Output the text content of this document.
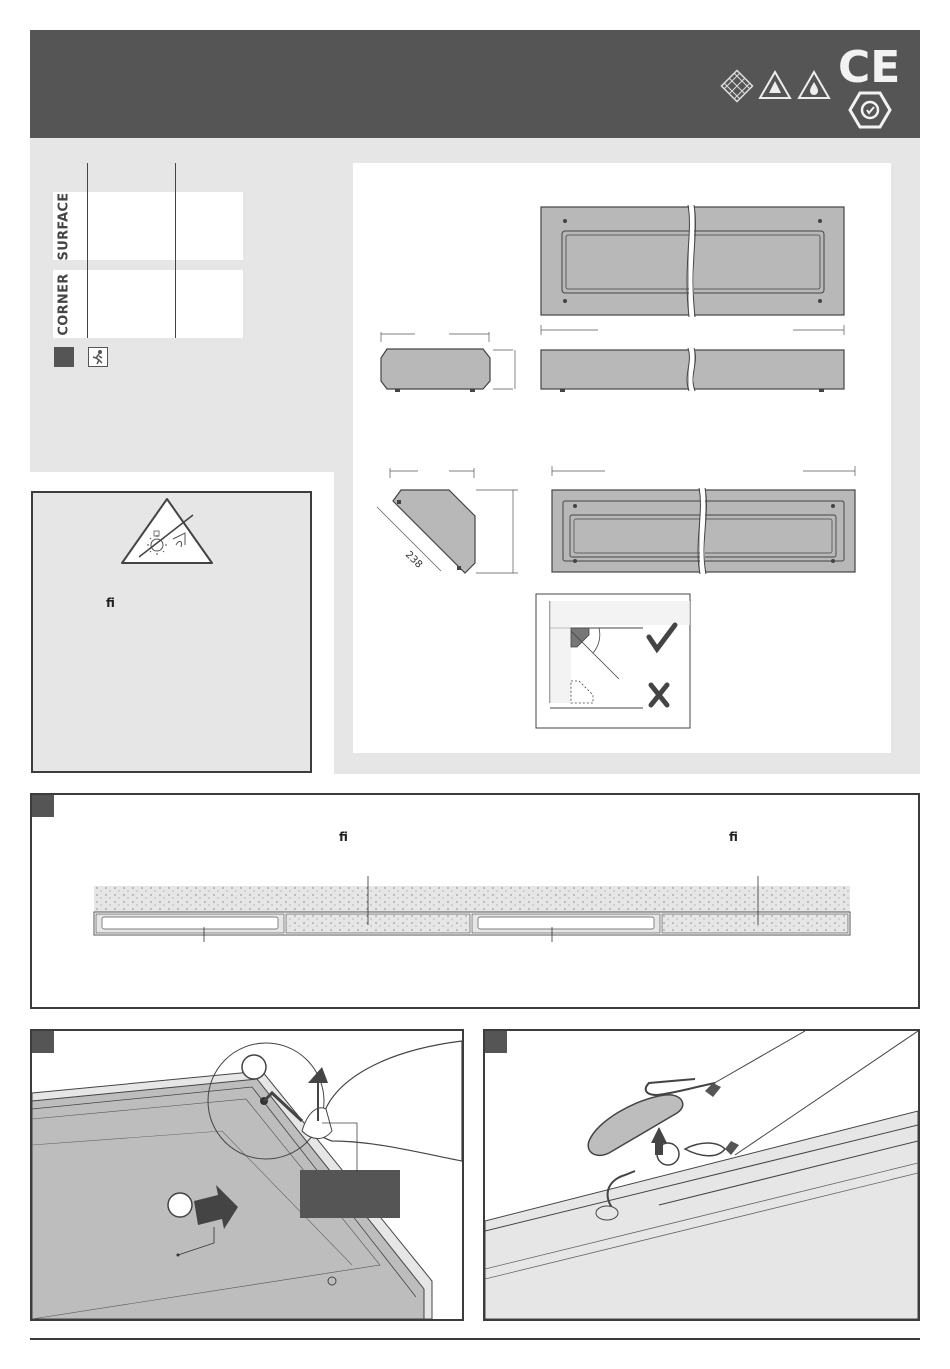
CE
SURFACE
CORNER
ﬁ
238
ﬁ	ﬁ
